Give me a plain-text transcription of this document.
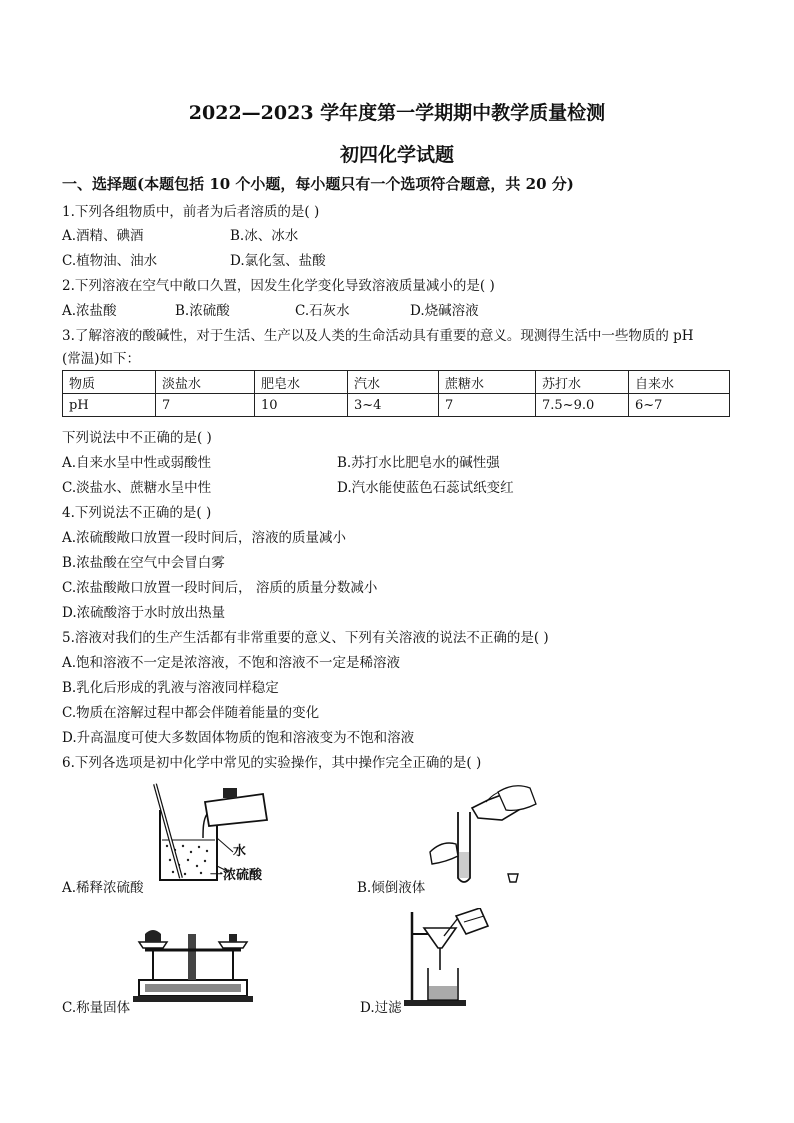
2022—2023 学年度第一学期期中教学质量检测
初四化学试题
一、选择题(本题包括 10 个小题，每小题只有一个选项符合题意，共 20 分)
1.下列各组物质中，前者为后者溶质的是( )
A.酒精、碘酒	B.冰、冰水
C.植物油、油水	D.氯化氢、盐酸
2.下列溶液在空气中敞口久置，因发生化学变化导致溶液质量减小的是( )
A.浓盐酸	B.浓硫酸	C.石灰水	D.烧碱溶液
3.了解溶液的酸碱性，对于生活、生产以及人类的生命活动具有重要的意义。现测得生活中一些物质的 pH
(常温)如下：
物质	淡盐水	肥皂水	汽水	蔗糖水	苏打水	自来水
pH	7	10	3~4	7	7.5~9.0	6~7
下列说法中不正确的是( )
A.自来水呈中性或弱酸性	B.苏打水比肥皂水的碱性强
C.淡盐水、蔗糖水呈中性	D.汽水能使蓝色石蕊试纸变红
4.下列说法不正确的是( )
A.浓硫酸敞口放置一段时间后，溶液的质量减小
B.浓盐酸在空气中会冒白雾
C.浓盐酸敞口放置一段时间后， 溶质的质量分数减小
D.浓硫酸溶于水时放出热量
5.溶液对我们的生产生活都有非常重要的意义、下列有关溶液的说法不正确的是( )
A.饱和溶液不一定是浓溶液，不饱和溶液不一定是稀溶液
B.乳化后形成的乳液与溶液同样稳定
C.物质在溶解过程中都会伴随着能量的变化
D.升高温度可使大多数固体物质的饱和溶液变为不饱和溶液
6.下列各选项是初中化学中常见的实验操作，其中操作完全正确的是( )
水
一浓硫酸
A.稀释浓硫酸	B.倾倒液体
C.称量固体	D.过滤
